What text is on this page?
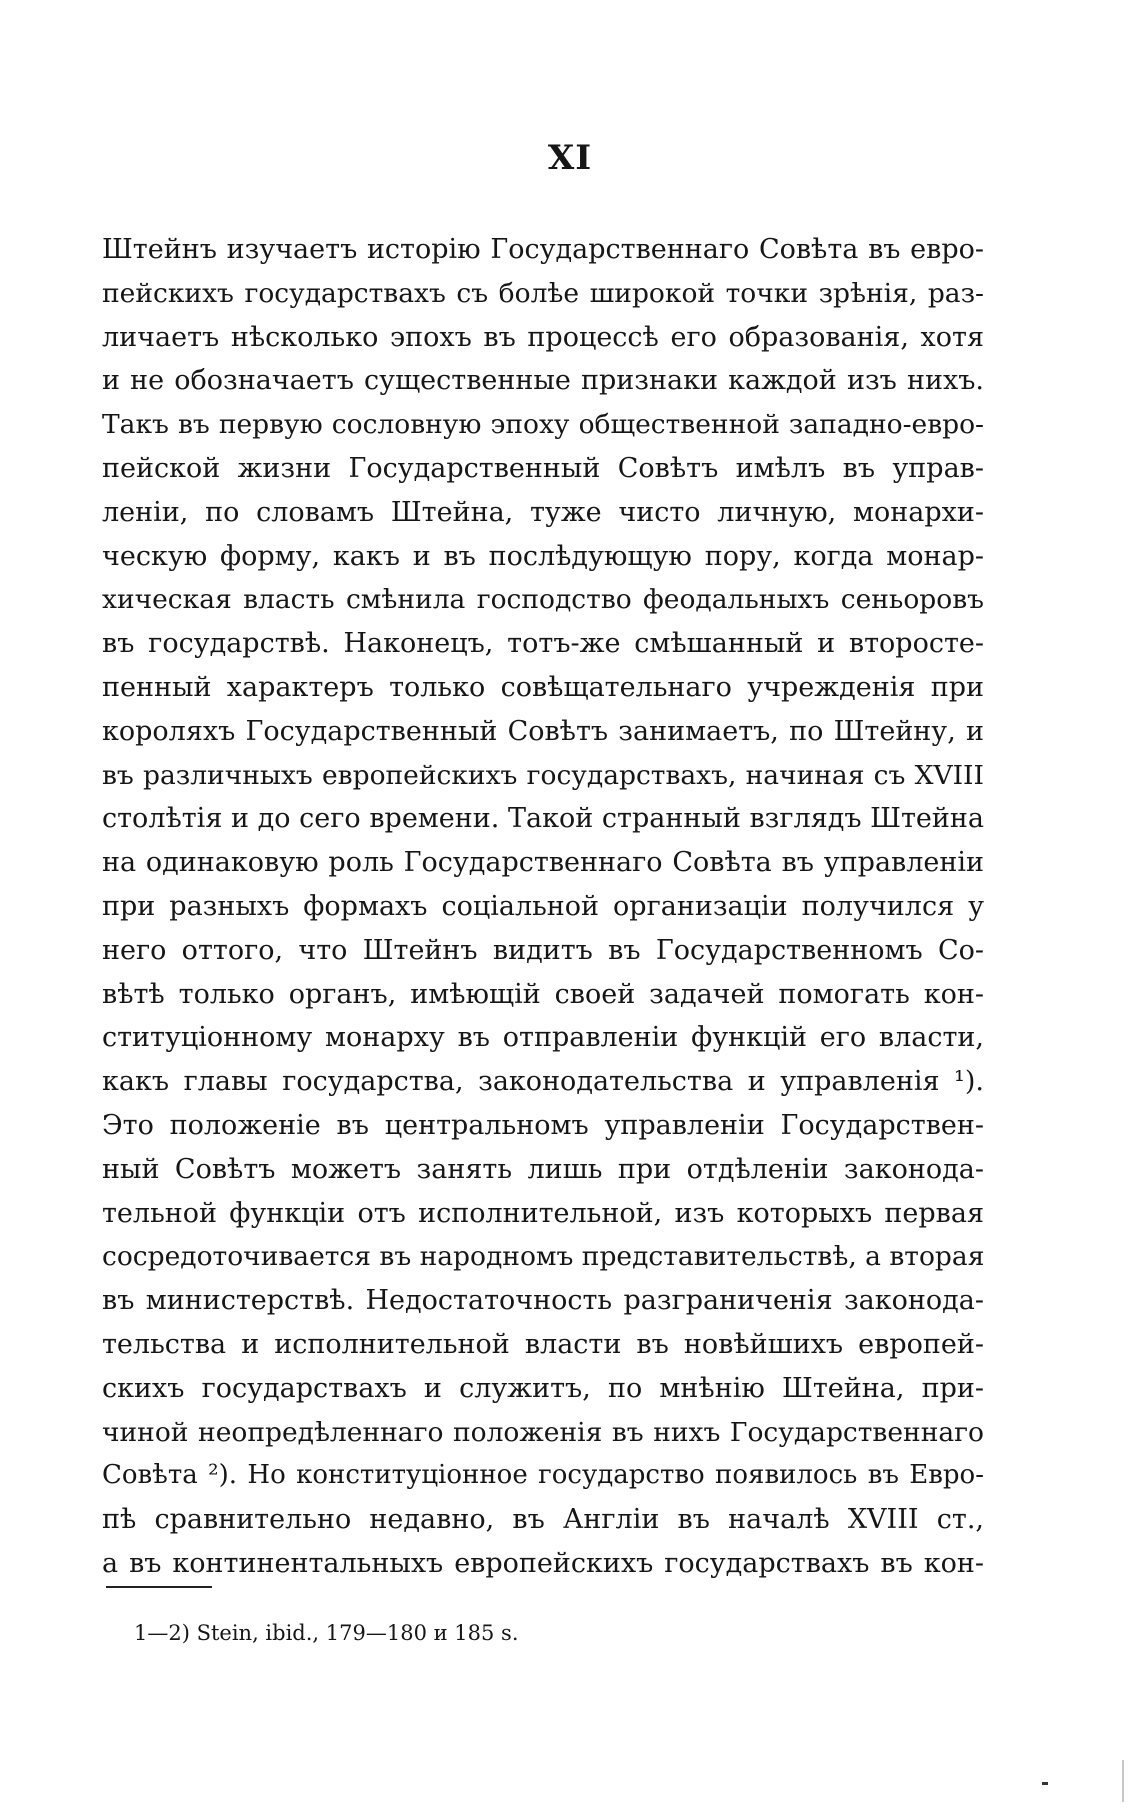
XI
Штейнъ изучаетъ исторію Государственнаго Совѣта въ евро-
пейскихъ государствахъ съ болѣе широкой точки зрѣнія, раз-
личаетъ нѣсколько эпохъ въ процессѣ его образованія, хотя
и не обозначаетъ существенные признаки каждой изъ нихъ.
Такъ въ первую сословную эпоху общественной западно-евро-
пейской жизни Государственный Совѣтъ имѣлъ въ управ-
леніи, по словамъ Штейна, туже чисто личную, монархи-
ческую форму, какъ и въ послѣдующую пору, когда монар-
хическая власть смѣнила господство феодальныхъ сеньоровъ
въ государствѣ. Наконецъ, тотъ-же смѣшанный и второсте-
пенный характеръ только совѣщательнаго учрежденія при
короляхъ Государственный Совѣтъ занимаетъ, по Штейну, и
въ различныхъ европейскихъ государствахъ, начиная съ XVIII
столѣтія и до сего времени. Такой странный взглядъ Штейна
на одинаковую роль Государственнаго Совѣта въ управленіи
при разныхъ формахъ соціальной организаціи получился у
него оттого, что Штейнъ видитъ въ Государственномъ Со-
вѣтѣ только органъ, имѣющій своей задачей помогать кон-
ституціонному монарху въ отправленіи функцій его власти,
какъ главы государства, законодательства и управленія ¹).
Это положеніе въ центральномъ управленіи Государствен-
ный Совѣтъ можетъ занять лишь при отдѣленіи законода-
тельной функціи отъ исполнительной, изъ которыхъ первая
сосредоточивается въ народномъ представительствѣ, а вторая
въ министерствѣ. Недостаточность разграниченія законода-
тельства и исполнительной власти въ новѣйшихъ европей-
скихъ государствахъ и служитъ, по мнѣнію Штейна, при-
чиной неопредѣленнаго положенія въ нихъ Государственнаго
Совѣта ²). Но конституціонное государство появилось въ Евро-
пѣ сравнительно недавно, въ Англіи въ началѣ XVIII ст.,
а въ континентальныхъ европейскихъ государствахъ въ кон-
1—2) Stein, ibid., 179—180 и 185 s.
